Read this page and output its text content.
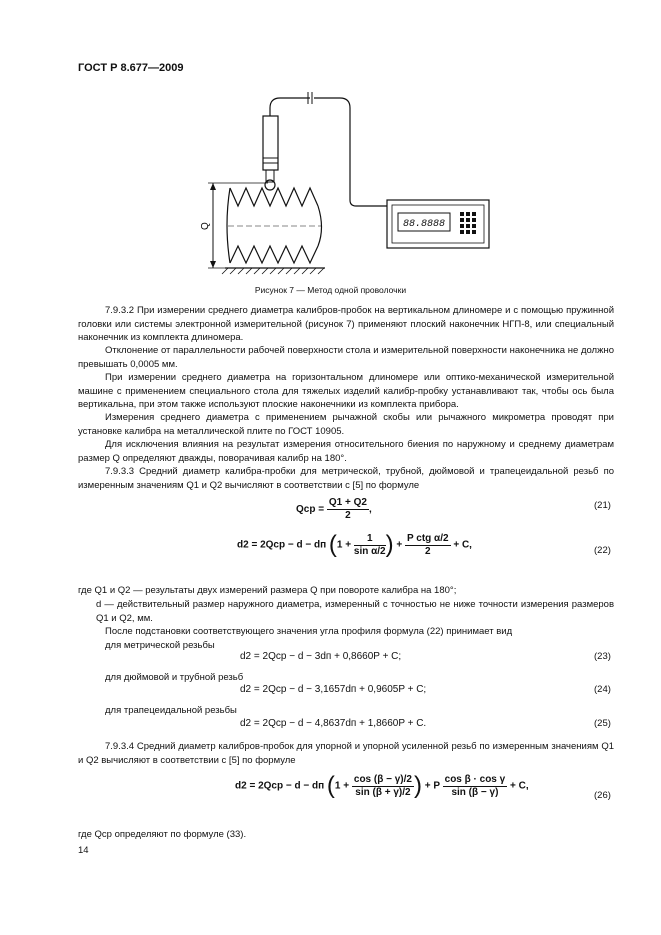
ГОСТ Р 8.677—2009
Q	88.8888
Рисунок 7 — Метод одной проволочки
7.9.3.2 При измерении среднего диаметра калибров-пробок на вертикальном длиномере и с помощью пружинной головки или системы электронной измерительной (рисунок 7) применяют плоский наконечник НГП-8, или специальный наконечник из комплекта длиномера.
Отклонение от параллельности рабочей поверхности стола и измерительной поверхности наконечника не должно превышать 0,0005 мм.
При измерении среднего диаметра на горизонтальном длиномере или оптико-механической измерительной машине с применением специального стола для тяжелых изделий калибр-пробку устанавливают так, чтобы ось была вертикальна, при этом также используют плоские наконечники из комплекта прибора.
Измерения среднего диаметра с применением рычажной скобы или рычажного микрометра проводят при установке калибра на металлической плите по ГОСТ 10905.
Для исключения влияния на результат измерения относительного биения по наружному и среднему диаметрам размер Q определяют дважды, поворачивая калибр на 180°.
7.9.3.3 Средний диаметр калибра-пробки для метрической, трубной, дюймовой и трапецеидальной резьб по измеренным значениям Q1 и Q2 вычисляют в соответствии с [5] по формуле
Qср = $\frac{Q1 + Q2}{2}$ ,	(21)
d2 = 2Qср − d − dп ($1 + \frac{1}{\text{sin α/2}}$ ) + $\frac{\text{P ctg α/2}}{2} + C$,	(22)
где Q1 и Q2 — результаты двух измерений размера Q при повороте калибра на 180°;
d — действительный размер наружного диаметра, измеренный с точностью не ниже точности измерения размеров Q1 и Q2, мм.
После подстановки соответствующего значения угла профиля формула (22) принимает вид
для метрической резьбы
d2 = 2Qср − d − 3dп + 0,8660P + C;	(23)
для дюймовой и трубной резьб
d2 = 2Qср − d − 3,1657dп + 0,9605P + C;	(24)
для трапецеидальной резьбы
d2 = 2Qср − d − 4,8637dп + 1,8660P + C.	(25)
7.9.3.4 Средний диаметр калибров-пробок для упорной и упорной усиленной резьб по измеренным значениям Q1 и Q2 вычисляют в соответствии с [5] по формуле
d2 = 2Qср − d − dп ($1 + \frac{\cos (\beta - \gamma)/2}{\sin (\beta + \gamma)/2}$ ) + P $\frac{\text{cos β · cos γ}}{\sin (\beta - \gamma)} + C$,
(26)
где Qср определяют по формуле (33).
14
